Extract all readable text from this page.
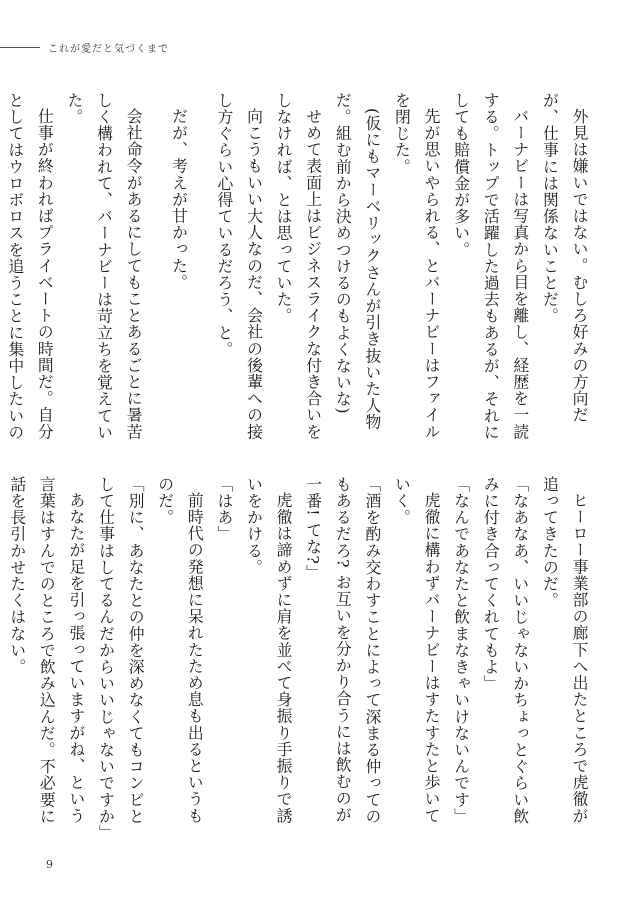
これが愛だと気づくまで

外見は嫌いではない。むしろ好みの方向だが、仕事には関係ないことだ。

バーナビーは写真から目を離し、経歴を一読する。トップで活躍した過去もあるが、それにしても賠償金が多い。

先が思いやられる、とバーナビーはファイルを閉じた。

(仮にもマーベリックさんが引き抜いた人物だ。組む前から決めつけるのもよくないな)

せめて表面上はビジネスライクな付き合いをしなければ、とは思っていた。

向こうもいい大人なのだ、会社の後輩への接し方ぐらい心得ているだろう、と。

だが、考えが甘かった。

会社命令があるにしてもことあるごとに暑苦しく構われて、バーナビーは苛立ちを覚えていた。

仕事が終わればプライベートの時間だ。自分としてはウロボロスを追うことに集中したいの

ヒーロー事業部の廊下へ出たところで虎徹が追ってきたのだ。

「なあなあ、いいじゃないかちょっとぐらい飲みに付き合ってくれてもよ」

「なんであなたと飲まなきゃいけないんです」

虎徹に構わずバーナビーはすたすたと歩いていく。

「酒を酌み交わすことによって深まる仲ってのもあるだろ? お互いを分かり合うには飲むのが一番! てな?」

虎徹は諦めずに肩を並べて身振り手振りで誘いをかける。

「はあ」

前時代の発想に呆れたため息も出るというものだ。

「別に、あなたとの仲を深めなくてもコンビとして仕事はしてるんだからいいじゃないですか」

あなたが足を引っ張っていますがね、という言葉はすんでのところで飲み込んだ。不必要に話を長引かせたくはない。

9
